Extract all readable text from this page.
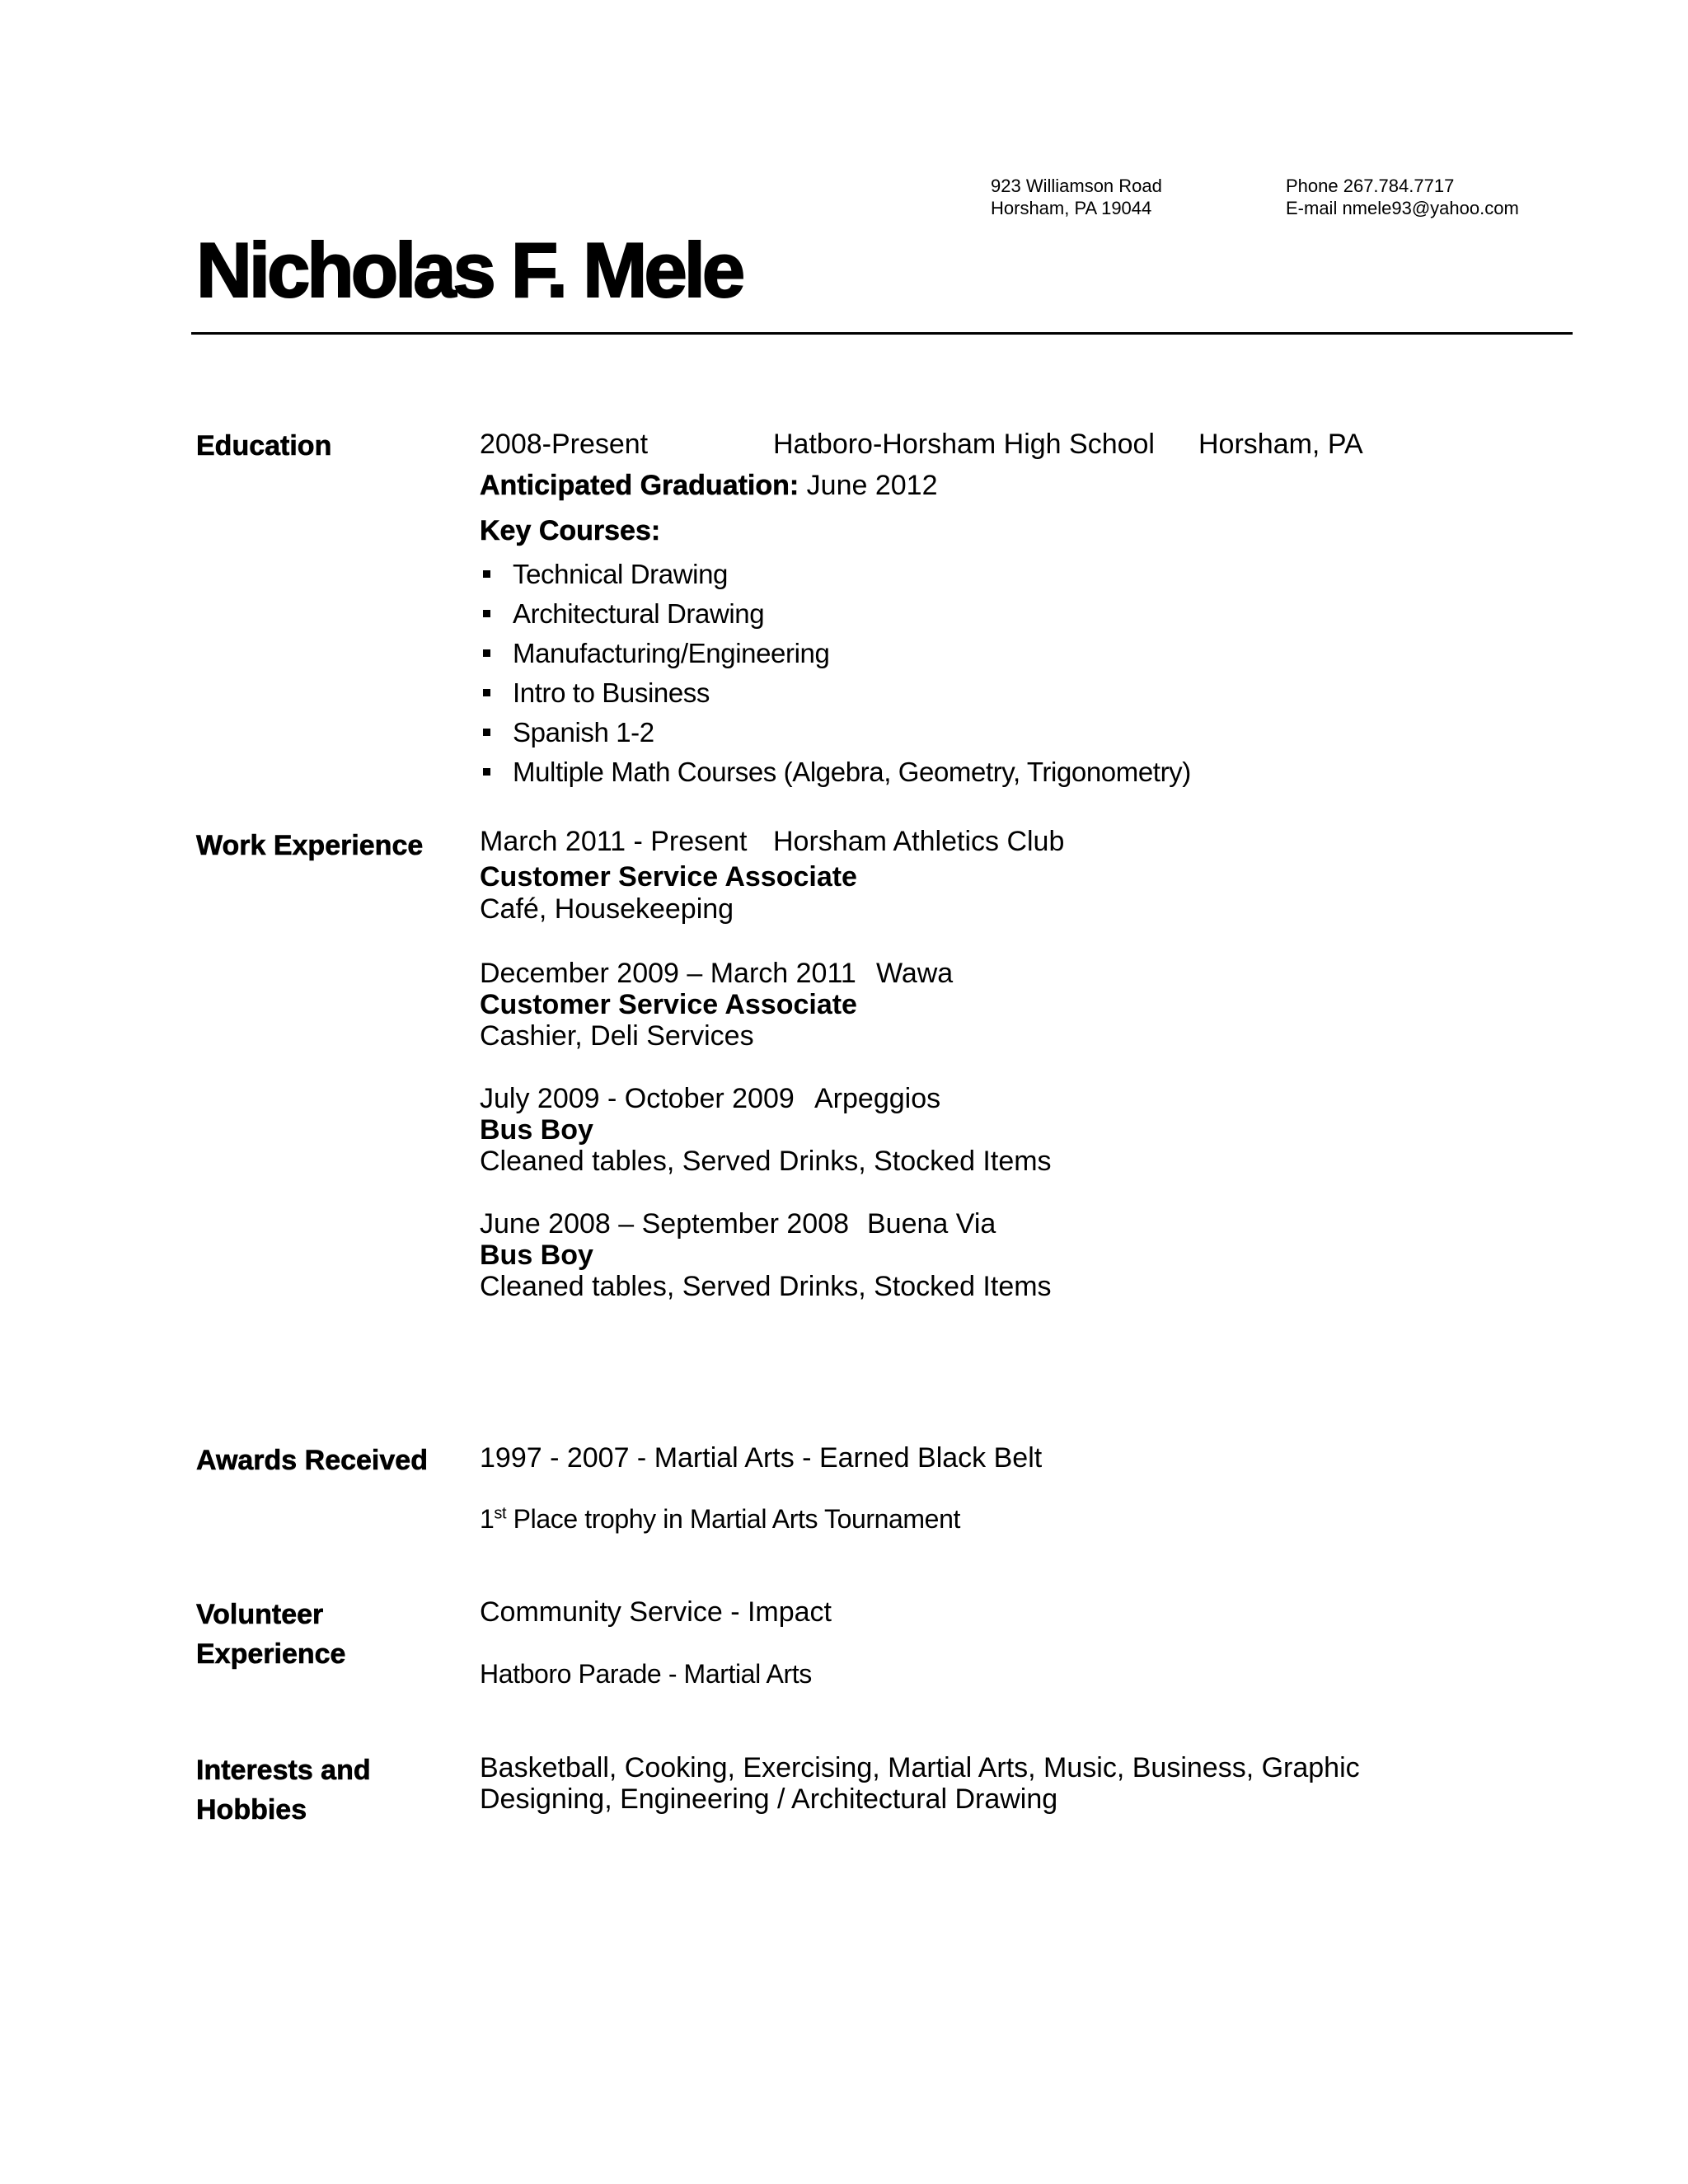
923 Williamson Road
Horsham, PA 19044
Phone 267.784.7717
E-mail nmele93@yahoo.com
Nicholas F. Mele
Education	2008-Present	Hatboro-Horsham High School Horsham, PA
Anticipated Graduation: June 2012
Key Courses:
Technical Drawing
Architectural Drawing
Manufacturing/Engineering
Intro to Business
Spanish 1-2
Multiple Math Courses (Algebra, Geometry, Trigonometry)
Work Experience March 2011 - Present Horsham Athletics Club
Customer Service Associate
Café, Housekeeping
December 2009 – March 2011 Wawa
Customer Service Associate
Cashier, Deli Services
July 2009 - October 2009 Arpeggios
Bus Boy
Cleaned tables, Served Drinks, Stocked Items
June 2008 – September 2008 Buena Via
Bus Boy
Cleaned tables, Served Drinks, Stocked Items
Awards Received 1997 - 2007 - Martial Arts - Earned Black Belt
1st Place trophy in Martial Arts Tournament
Volunteer
Experience
Community Service - Impact
Hatboro Parade - Martial Arts
Interests and
Hobbies
Basketball, Cooking, Exercising, Martial Arts, Music, Business, Graphic
Designing, Engineering / Architectural Drawing
